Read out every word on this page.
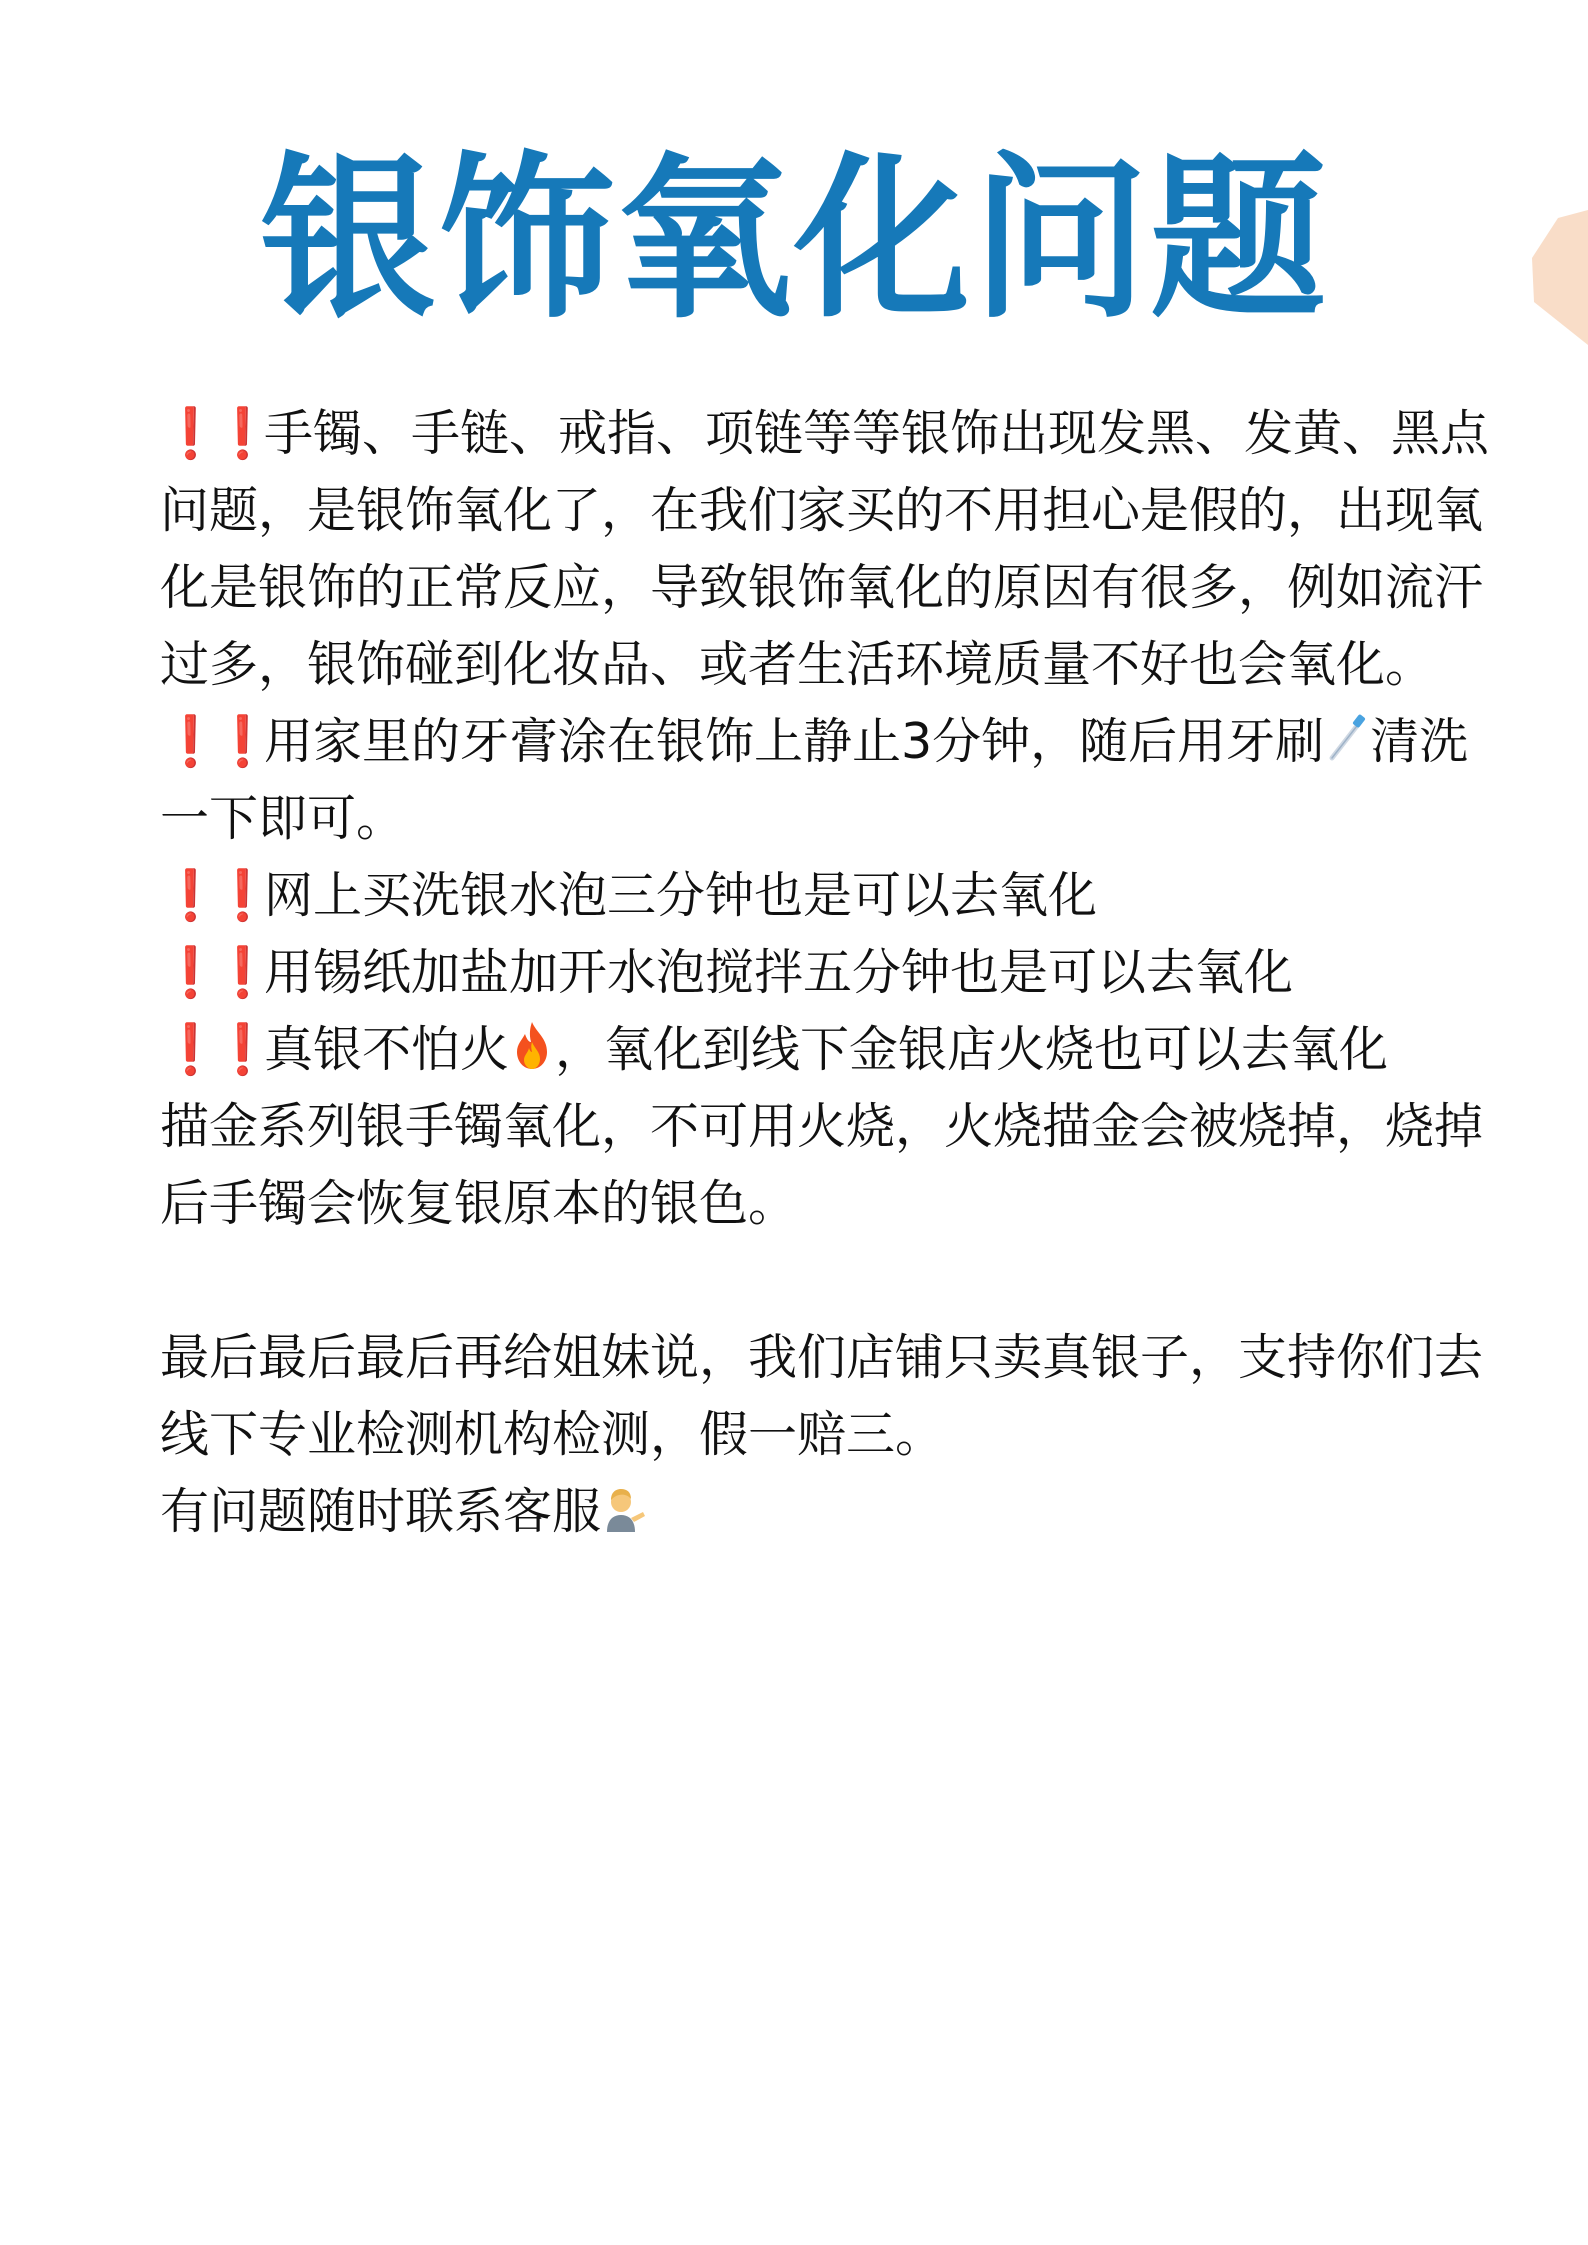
银饰氧化问题

❗❗手镯、手链、戒指、项链等等银饰出现发黑、发黄、黑点问题，是银饰氧化了，在我们家买的不用担心是假的，出现氧化是银饰的正常反应，导致银饰氧化的原因有很多，例如流汗过多，银饰碰到化妆品、或者生活环境质量不好也会氧化。

❗❗用家里的牙膏涂在银饰上静止3分钟，随后用牙刷 清洗一下即可。

❗❗网上买洗银水泡三分钟也是可以去氧化

❗❗用锡纸加盐加开水泡搅拌五分钟也是可以去氧化

❗❗真银不怕火 ，氧化到线下金银店火烧也可以去氧化

描金系列银手镯氧化，不可用火烧，火烧描金会被烧掉，烧掉后手镯会恢复银原本的银色。

最后最后最后再给姐妹说，我们店铺只卖真银子，支持你们去线下专业检测机构检测，假一赔三。

有问题随时联系客服
